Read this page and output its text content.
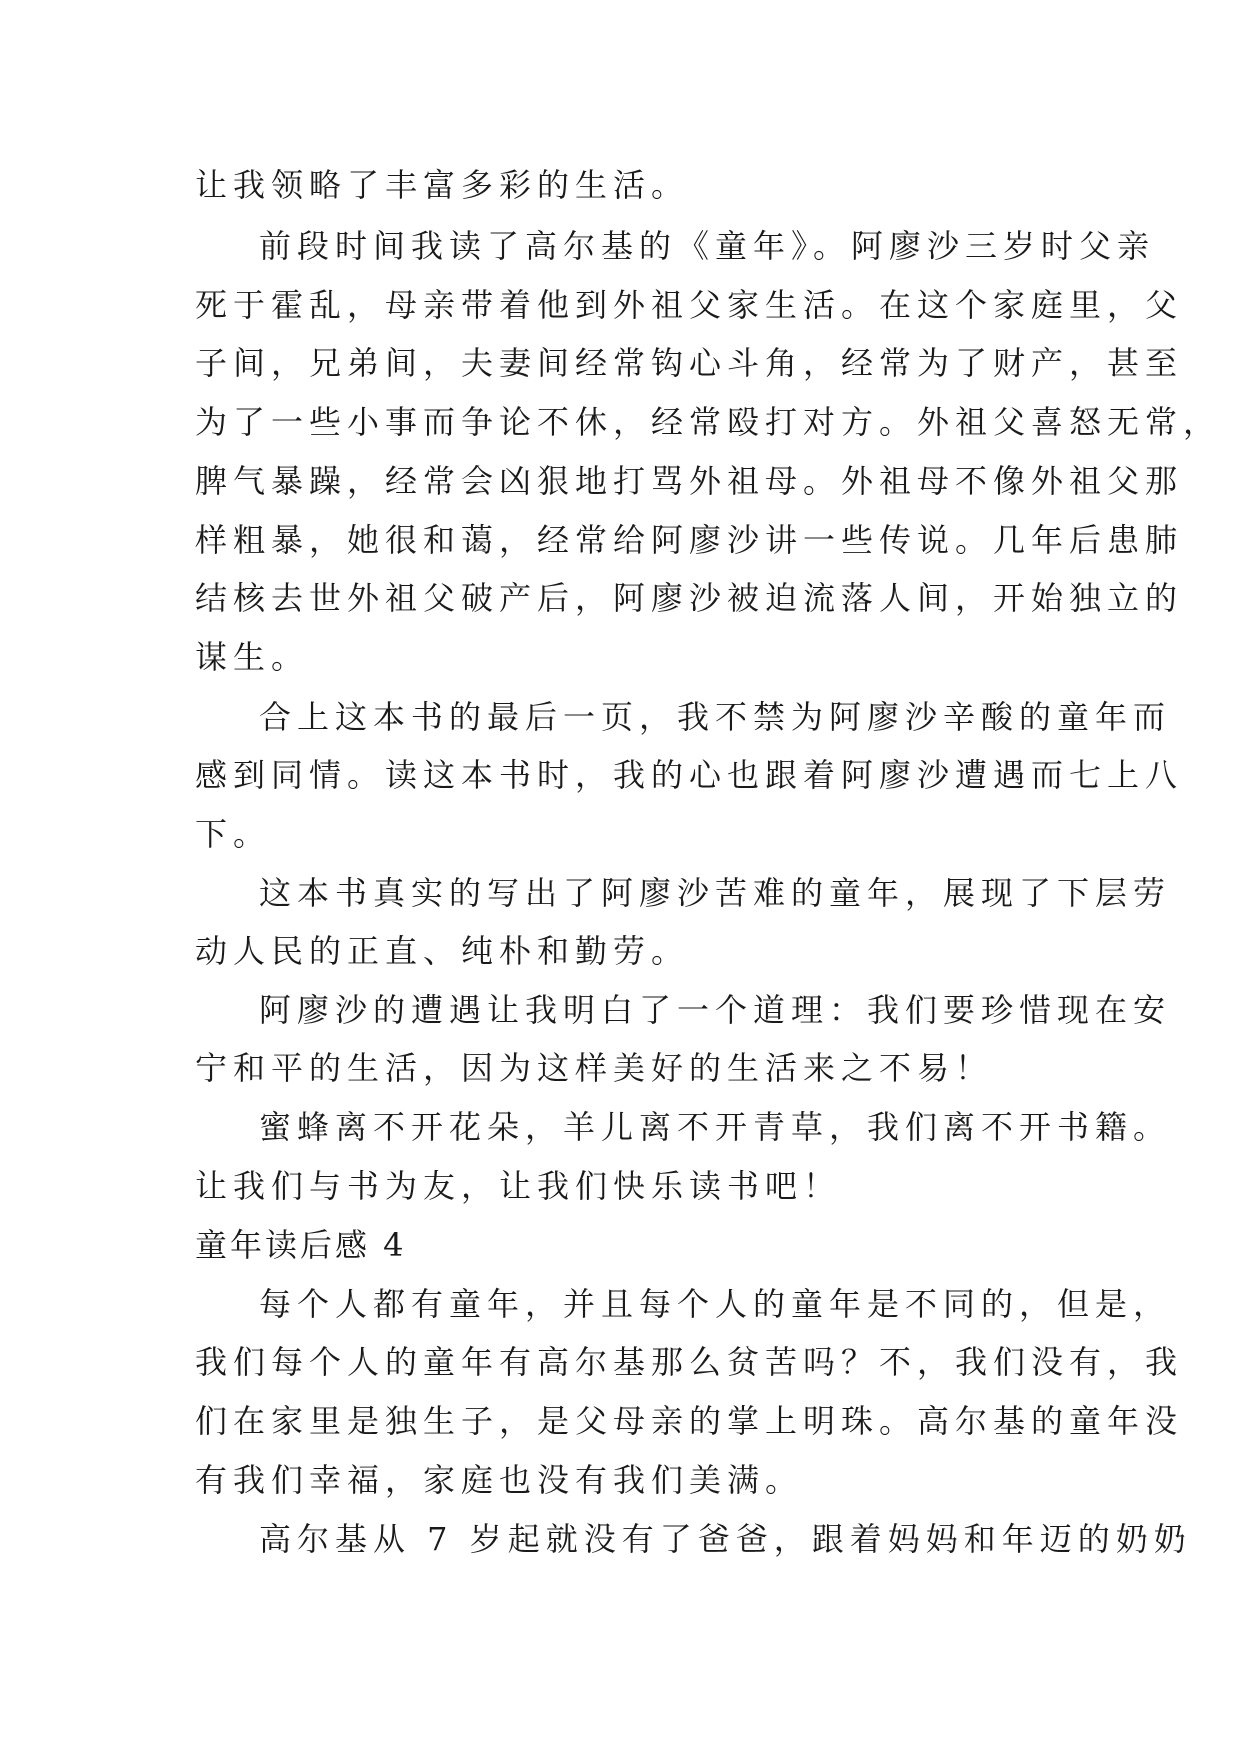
让我领略了丰富多彩的生活。
前段时间我读了高尔基的《童年》。阿廖沙三岁时父亲
死于霍乱，母亲带着他到外祖父家生活。在这个家庭里，父
子间，兄弟间，夫妻间经常钩心斗角，经常为了财产，甚至
为了一些小事而争论不休，经常殴打对方。外祖父喜怒无常，
脾气暴躁，经常会凶狠地打骂外祖母。外祖母不像外祖父那
样粗暴，她很和蔼，经常给阿廖沙讲一些传说。几年后患肺
结核去世外祖父破产后，阿廖沙被迫流落人间，开始独立的
谋生。
合上这本书的最后一页，我不禁为阿廖沙辛酸的童年而
感到同情。读这本书时，我的心也跟着阿廖沙遭遇而七上八
下。
这本书真实的写出了阿廖沙苦难的童年，展现了下层劳
动人民的正直、纯朴和勤劳。
阿廖沙的遭遇让我明白了一个道理：我们要珍惜现在安
宁和平的生活，因为这样美好的生活来之不易！
蜜蜂离不开花朵，羊儿离不开青草，我们离不开书籍。
让我们与书为友，让我们快乐读书吧！
童年读后感 4
每个人都有童年，并且每个人的童年是不同的，但是，
我们每个人的童年有高尔基那么贫苦吗？不，我们没有，我
们在家里是独生子，是父母亲的掌上明珠。高尔基的童年没
有我们幸福，家庭也没有我们美满。
高尔基从 7 岁起就没有了爸爸，跟着妈妈和年迈的奶奶
